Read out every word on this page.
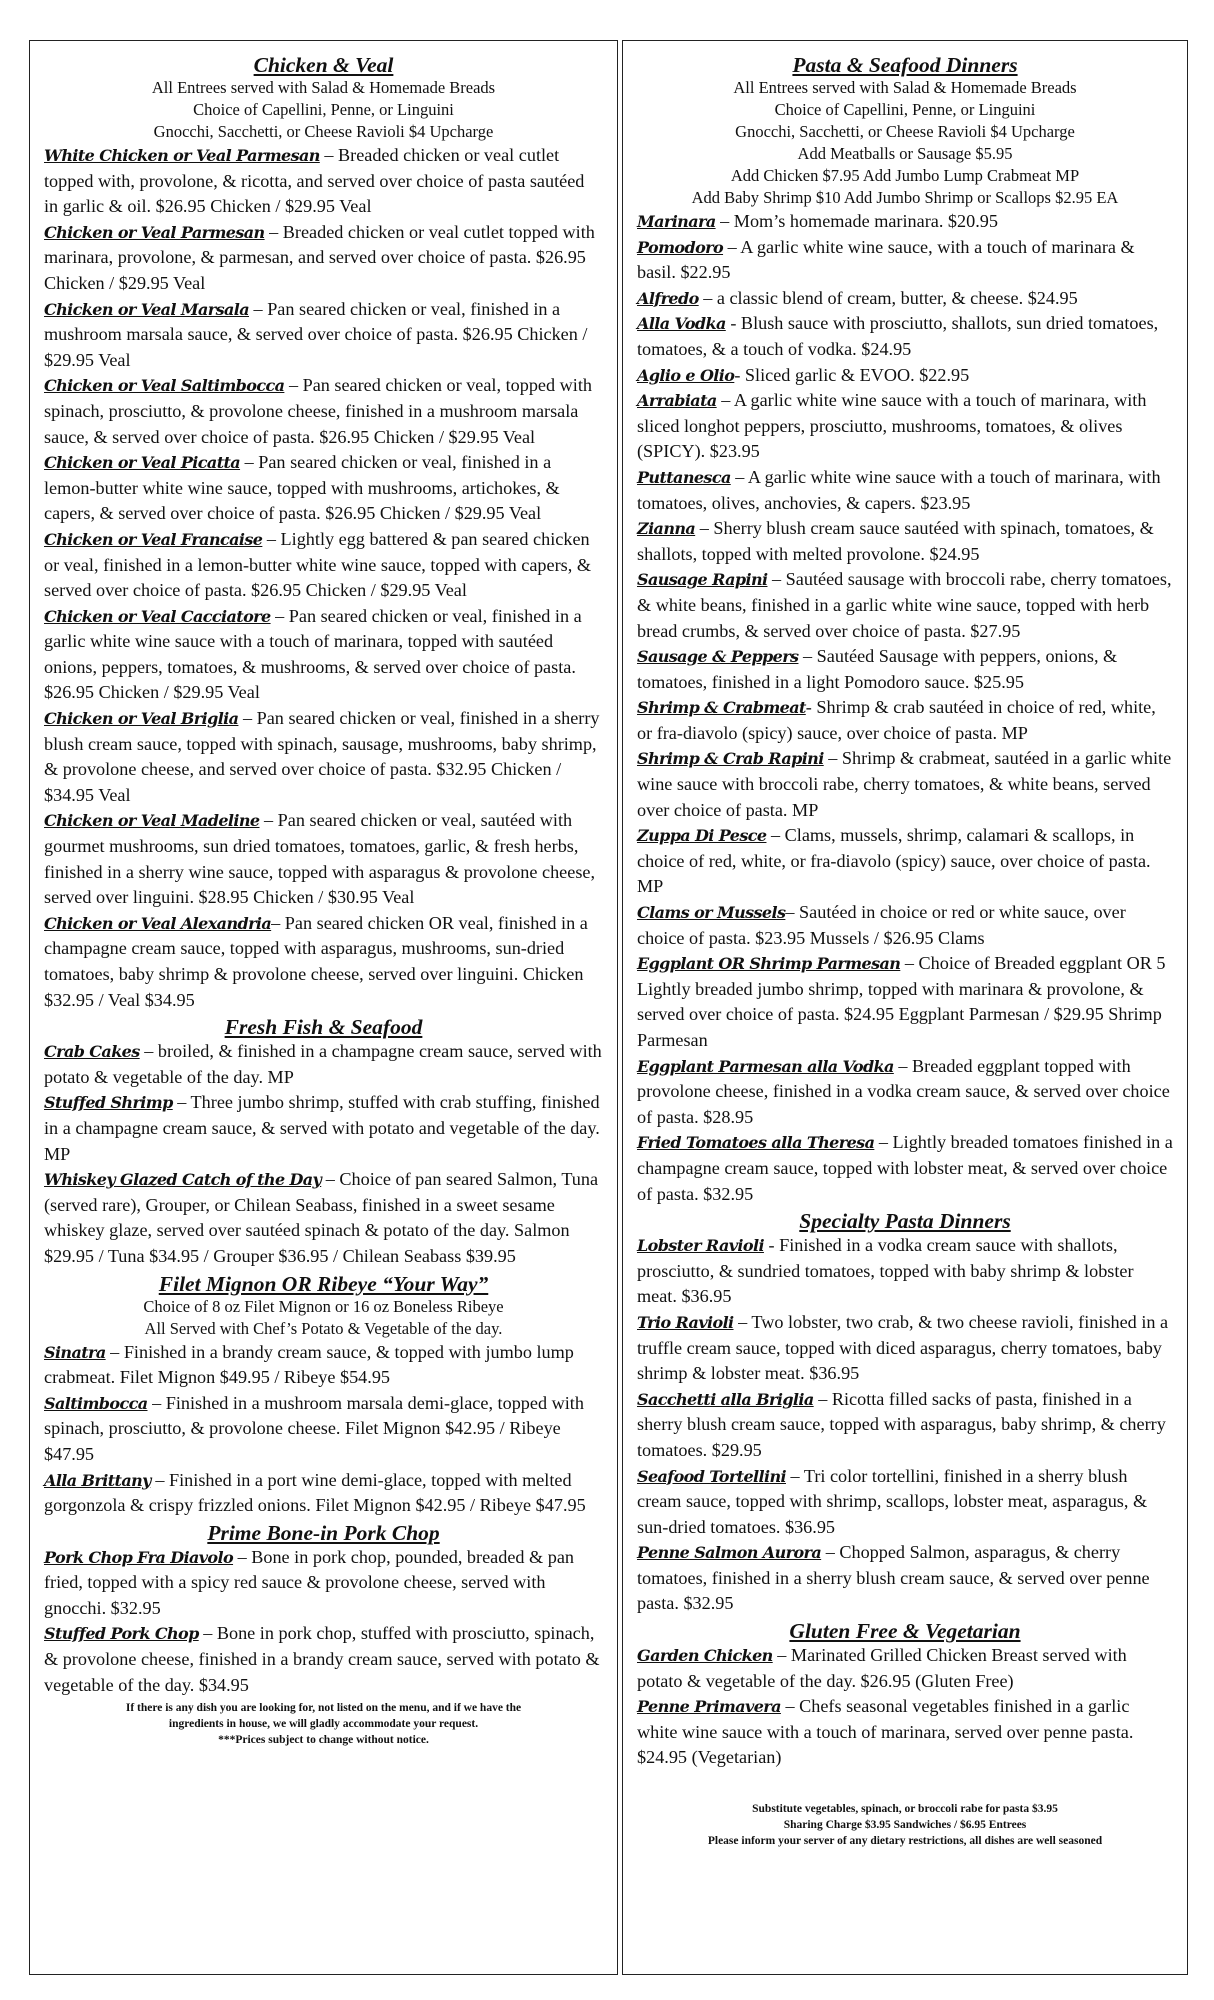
Chicken & Veal
All Entrees served with Salad & Homemade Breads
Choice of Capellini, Penne, or Linguini
Gnocchi, Sacchetti, or Cheese Ravioli $4 Upcharge

White Chicken or Veal Parmesan – Breaded chicken or veal cutlet topped with, provolone, & ricotta, and served over choice of pasta sautéed in garlic & oil. $26.95 Chicken / $29.95 Veal

Chicken or Veal Parmesan – Breaded chicken or veal cutlet topped with marinara, provolone, & parmesan, and served over choice of pasta. $26.95 Chicken / $29.95 Veal

Chicken or Veal Marsala – Pan seared chicken or veal, finished in a mushroom marsala sauce, & served over choice of pasta. $26.95 Chicken / $29.95 Veal

Chicken or Veal Saltimbocca – Pan seared chicken or veal, topped with spinach, prosciutto, & provolone cheese, finished in a mushroom marsala sauce, & served over choice of pasta. $26.95 Chicken / $29.95 Veal

Chicken or Veal Picatta – Pan seared chicken or veal, finished in a lemon-butter white wine sauce, topped with mushrooms, artichokes, & capers, & served over choice of pasta. $26.95 Chicken / $29.95 Veal

Chicken or Veal Francaise – Lightly egg battered & pan seared chicken or veal, finished in a lemon-butter white wine sauce, topped with capers, & served over choice of pasta. $26.95 Chicken / $29.95 Veal

Chicken or Veal Cacciatore – Pan seared chicken or veal, finished in a garlic white wine sauce with a touch of marinara, topped with sautéed onions, peppers, tomatoes, & mushrooms, & served over choice of pasta. $26.95 Chicken / $29.95 Veal

Chicken or Veal Briglia – Pan seared chicken or veal, finished in a sherry blush cream sauce, topped with spinach, sausage, mushrooms, baby shrimp, & provolone cheese, and served over choice of pasta. $32.95 Chicken / $34.95 Veal

Chicken or Veal Madeline – Pan seared chicken or veal, sautéed with gourmet mushrooms, sun dried tomatoes, tomatoes, garlic, & fresh herbs, finished in a sherry wine sauce, topped with asparagus & provolone cheese, served over linguini. $28.95 Chicken / $30.95 Veal

Chicken or Veal Alexandria– Pan seared chicken OR veal, finished in a champagne cream sauce, topped with asparagus, mushrooms, sun-dried tomatoes, baby shrimp & provolone cheese, served over linguini. Chicken $32.95 / Veal $34.95

Fresh Fish & Seafood

Crab Cakes – broiled, & finished in a champagne cream sauce, served with potato & vegetable of the day. MP

Stuffed Shrimp – Three jumbo shrimp, stuffed with crab stuffing, finished in a champagne cream sauce, & served with potato and vegetable of the day. MP

Whiskey Glazed Catch of the Day – Choice of pan seared Salmon, Tuna (served rare), Grouper, or Chilean Seabass, finished in a sweet sesame whiskey glaze, served over sautéed spinach & potato of the day. Salmon $29.95 / Tuna $34.95 / Grouper $36.95 / Chilean Seabass $39.95

Filet Mignon OR Ribeye “Your Way”
Choice of 8 oz Filet Mignon or 16 oz Boneless Ribeye
All Served with Chef’s Potato & Vegetable of the day.

Sinatra – Finished in a brandy cream sauce, & topped with jumbo lump crabmeat. Filet Mignon $49.95 / Ribeye $54.95

Saltimbocca – Finished in a mushroom marsala demi-glace, topped with spinach, prosciutto, & provolone cheese. Filet Mignon $42.95 / Ribeye $47.95

Alla Brittany – Finished in a port wine demi-glace, topped with melted gorgonzola & crispy frizzled onions. Filet Mignon $42.95 / Ribeye $47.95

Prime Bone-in Pork Chop

Pork Chop Fra Diavolo – Bone in pork chop, pounded, breaded & pan fried, topped with a spicy red sauce & provolone cheese, served with gnocchi. $32.95

Stuffed Pork Chop – Bone in pork chop, stuffed with prosciutto, spinach, & provolone cheese, finished in a brandy cream sauce, served with potato & vegetable of the day. $34.95

If there is any dish you are looking for, not listed on the menu, and if we have the
ingredients in house, we will gladly accommodate your request.
***Prices subject to change without notice.
Pasta & Seafood Dinners
All Entrees served with Salad & Homemade Breads
Choice of Capellini, Penne, or Linguini
Gnocchi, Sacchetti, or Cheese Ravioli $4 Upcharge
Add Meatballs or Sausage $5.95
Add Chicken $7.95 Add Jumbo Lump Crabmeat MP
Add Baby Shrimp $10 Add Jumbo Shrimp or Scallops $2.95 EA

Marinara – Mom’s homemade marinara. $20.95

Pomodoro – A garlic white wine sauce, with a touch of marinara & basil. $22.95

Alfredo – a classic blend of cream, butter, & cheese. $24.95

Alla Vodka - Blush sauce with prosciutto, shallots, sun dried tomatoes, tomatoes, & a touch of vodka. $24.95

Aglio e Olio- Sliced garlic & EVOO. $22.95

Arrabiata – A garlic white wine sauce with a touch of marinara, with sliced longhot peppers, prosciutto, mushrooms, tomatoes, & olives (SPICY). $23.95

Puttanesca – A garlic white wine sauce with a touch of marinara, with tomatoes, olives, anchovies, & capers. $23.95

Zianna – Sherry blush cream sauce sautéed with spinach, tomatoes, & shallots, topped with melted provolone. $24.95

Sausage Rapini – Sautéed sausage with broccoli rabe, cherry tomatoes, & white beans, finished in a garlic white wine sauce, topped with herb bread crumbs, & served over choice of pasta. $27.95

Sausage & Peppers – Sautéed Sausage with peppers, onions, & tomatoes, finished in a light Pomodoro sauce. $25.95

Shrimp & Crabmeat- Shrimp & crab sautéed in choice of red, white, or fra-diavolo (spicy) sauce, over choice of pasta. MP

Shrimp & Crab Rapini – Shrimp & crabmeat, sautéed in a garlic white wine sauce with broccoli rabe, cherry tomatoes, & white beans, served over choice of pasta. MP

Zuppa Di Pesce – Clams, mussels, shrimp, calamari & scallops, in choice of red, white, or fra-diavolo (spicy) sauce, over choice of pasta. MP

Clams or Mussels– Sautéed in choice or red or white sauce, over choice of pasta. $23.95 Mussels / $26.95 Clams

Eggplant OR Shrimp Parmesan – Choice of Breaded eggplant OR 5 Lightly breaded jumbo shrimp, topped with marinara & provolone, & served over choice of pasta. $24.95 Eggplant Parmesan / $29.95 Shrimp Parmesan

Eggplant Parmesan alla Vodka – Breaded eggplant topped with provolone cheese, finished in a vodka cream sauce, & served over choice of pasta. $28.95

Fried Tomatoes alla Theresa – Lightly breaded tomatoes finished in a champagne cream sauce, topped with lobster meat, & served over choice of pasta. $32.95

Specialty Pasta Dinners

Lobster Ravioli - Finished in a vodka cream sauce with shallots, prosciutto, & sundried tomatoes, topped with baby shrimp & lobster meat. $36.95

Trio Ravioli – Two lobster, two crab, & two cheese ravioli, finished in a truffle cream sauce, topped with diced asparagus, cherry tomatoes, baby shrimp & lobster meat. $36.95

Sacchetti alla Briglia – Ricotta filled sacks of pasta, finished in a sherry blush cream sauce, topped with asparagus, baby shrimp, & cherry tomatoes. $29.95

Seafood Tortellini – Tri color tortellini, finished in a sherry blush cream sauce, topped with shrimp, scallops, lobster meat, asparagus, & sun-dried tomatoes. $36.95

Penne Salmon Aurora – Chopped Salmon, asparagus, & cherry tomatoes, finished in a sherry blush cream sauce, & served over penne pasta. $32.95

Gluten Free & Vegetarian

Garden Chicken – Marinated Grilled Chicken Breast served with potato & vegetable of the day. $26.95 (Gluten Free)

Penne Primavera – Chefs seasonal vegetables finished in a garlic white wine sauce with a touch of marinara, served over penne pasta. $24.95 (Vegetarian)

Substitute vegetables, spinach, or broccoli rabe for pasta $3.95
Sharing Charge $3.95 Sandwiches / $6.95 Entrees
Please inform your server of any dietary restrictions, all dishes are well seasoned
